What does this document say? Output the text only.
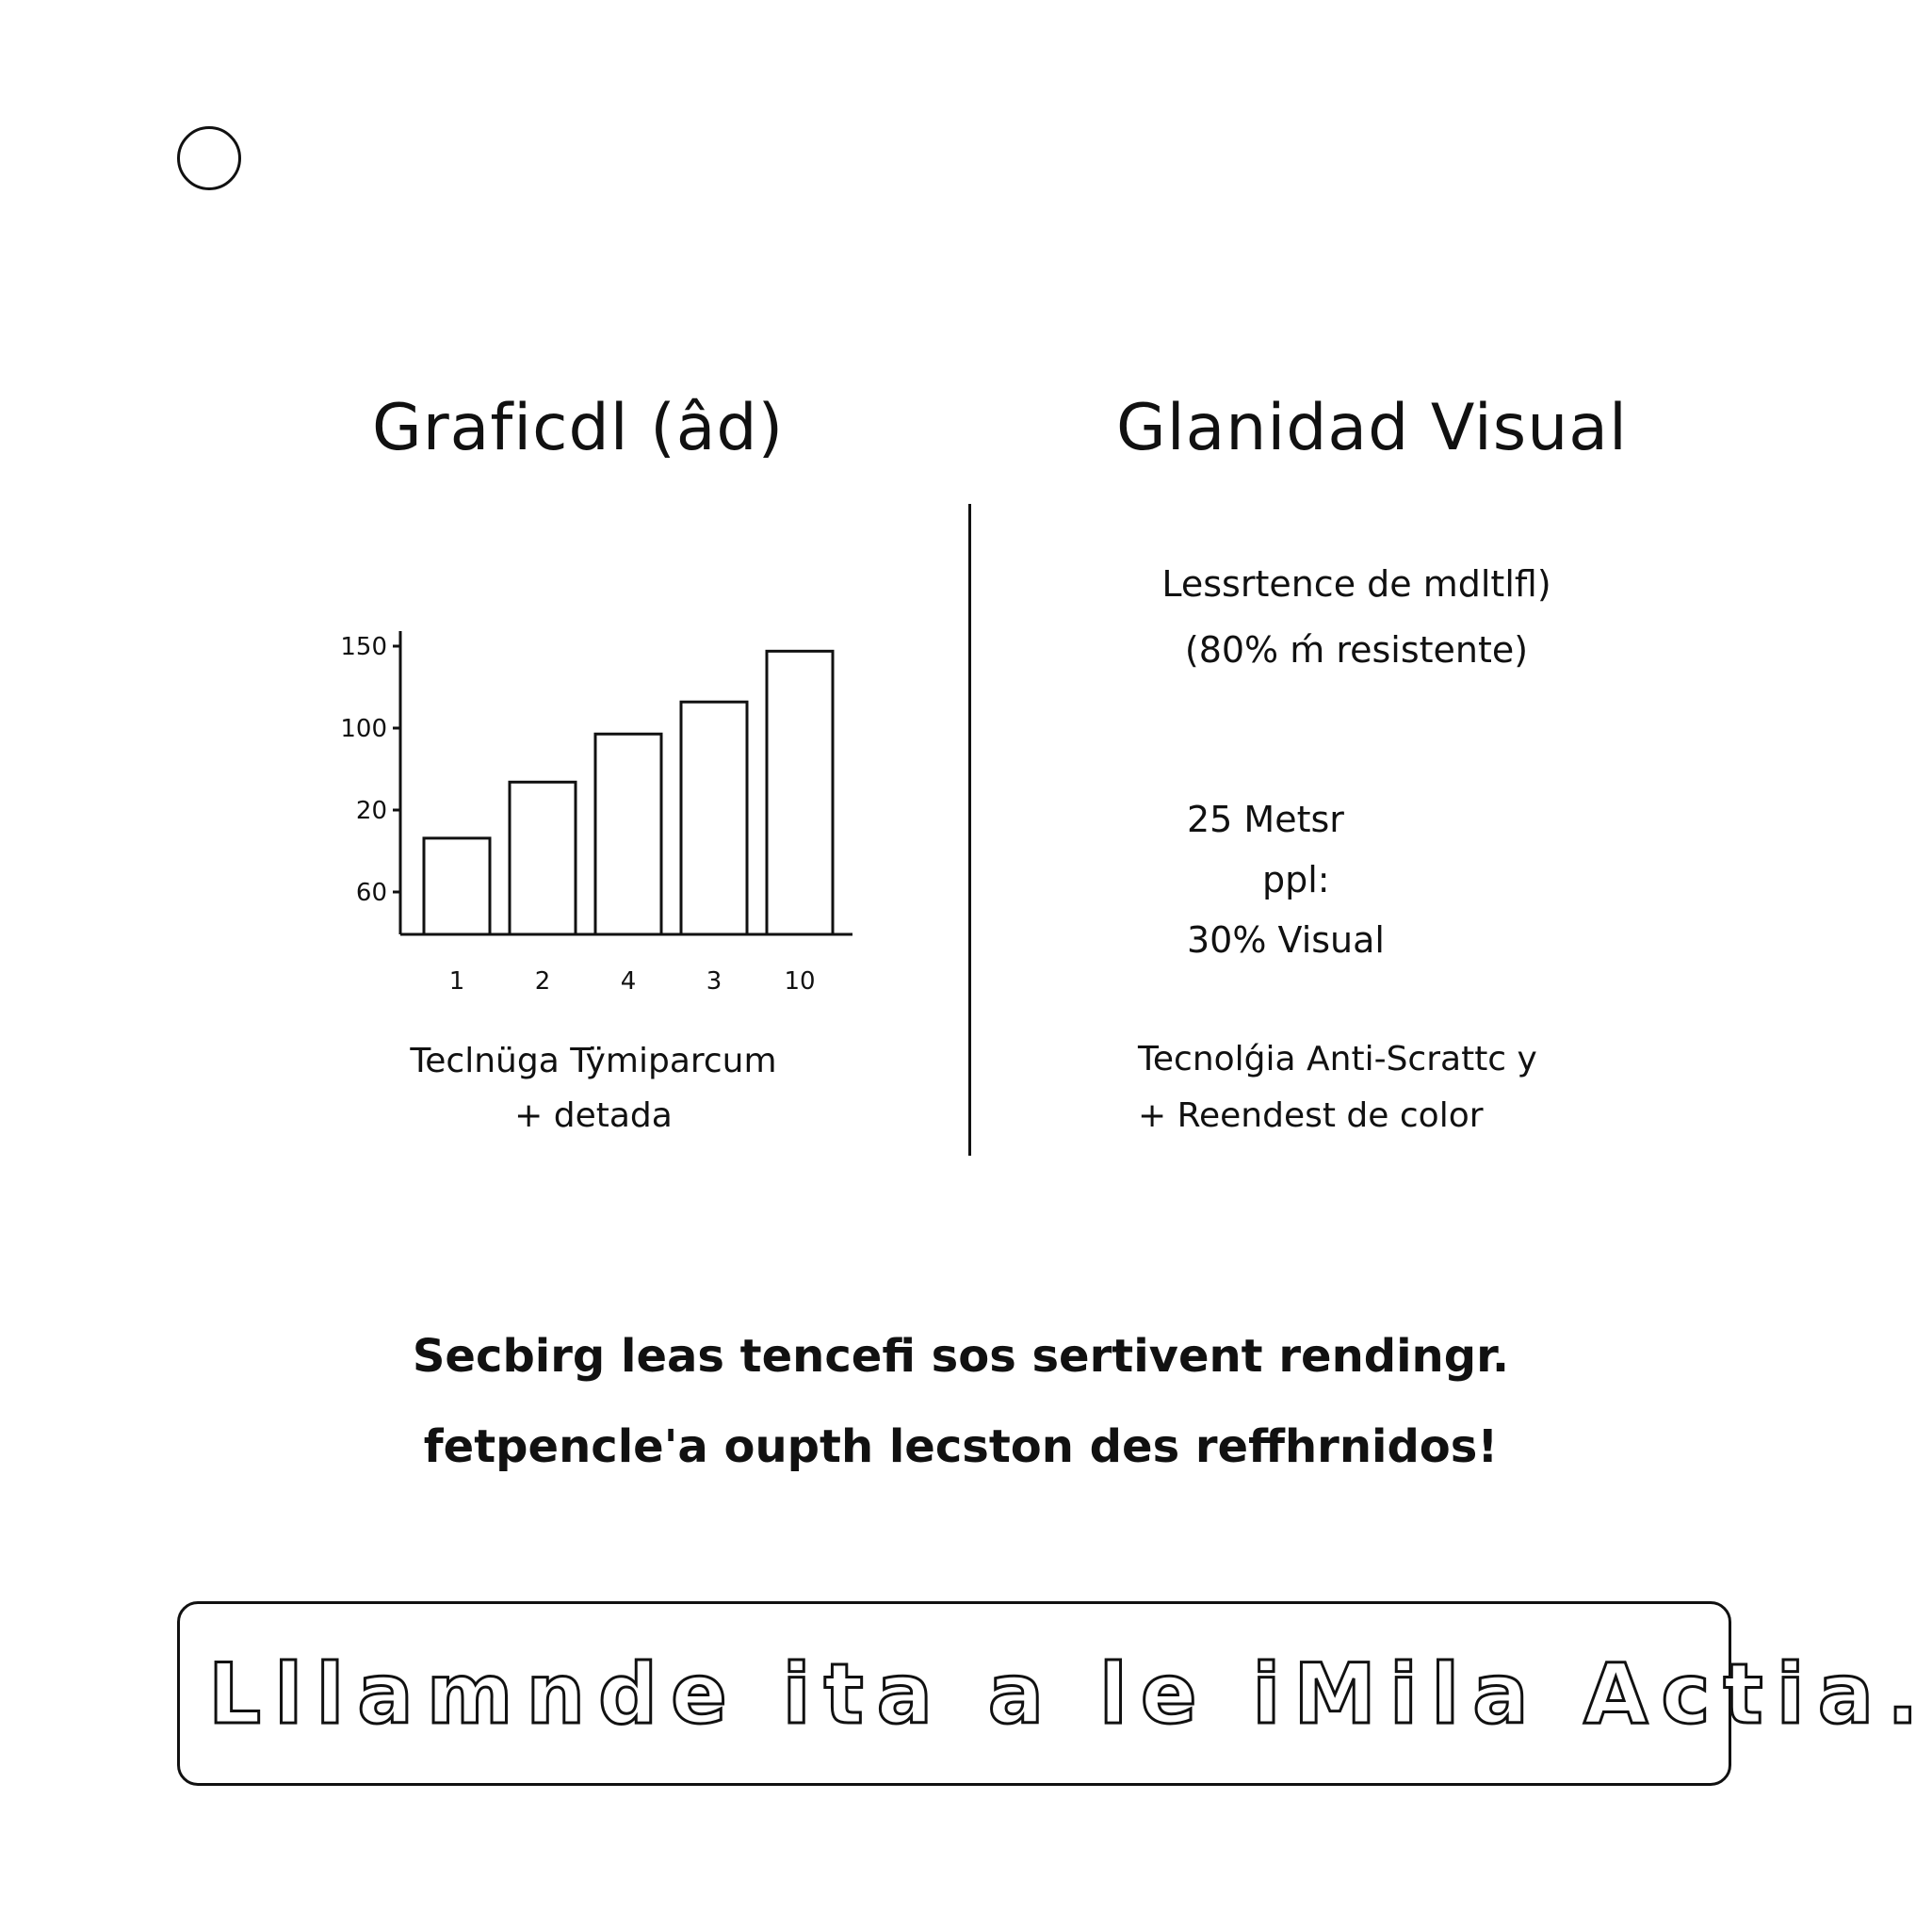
Graficdl (âd)	Glanidad Visual
150
100
20
60
1	2	4	3	10
Teclnüga Tÿmiparcum
+ detada
Lessrtence de mdltlfl)
(80% ḿ resistente)
25 Metsr
ppl:
30% Visual
Tecnolǵia Anti-Scrattc y
+ Reendest de color
Secbirg leas tencefi sos sertivent rendingr.
fetpencle'a oupth lecston des reffhrnidos!
Lllamnde ita a le iMila Actia.
